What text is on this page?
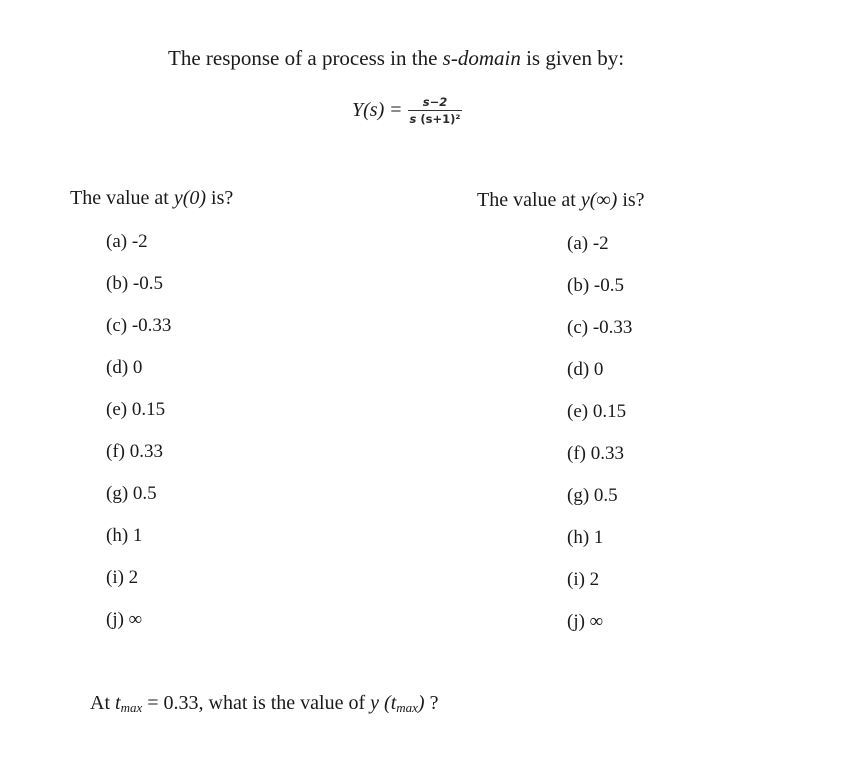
The response of a process in the s-domain is given by:
$Y(s) = \frac{s-2}{\text{s (s+1)²}}$
The value at y(0) is?	The value at y(∞) is?
(a) -2
(b) -0.5
(c) -0.33
(d) 0
(e) 0.15
(f) 0.33
(g) 0.5
(h) 1
(i) 2
(j) ∞
(a) -2
(b) -0.5
(c) -0.33
(d) 0
(e) 0.15
(f) 0.33
(g) 0.5
(h) 1
(i) 2
(j) ∞
At tmax = 0.33, what is the value of y (tmax) ?
